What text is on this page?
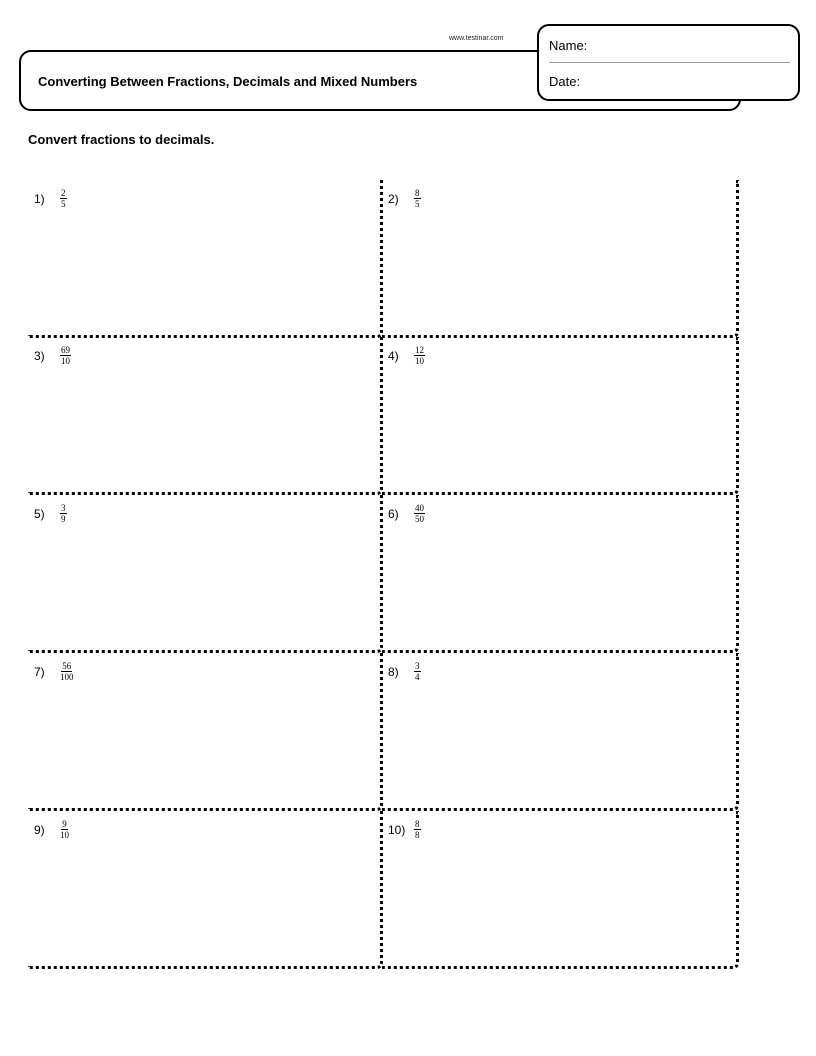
www.testinar.com
Converting Between Fractions, Decimals and Mixed Numbers
Name:
Date:
Convert fractions to decimals.
$1) \frac{2}{5}$	$2) \frac{8}{5}$
$3) \frac{69}{10}$	$4) \frac{12}{10}$
$5) \frac{3}{9}$	$6) \frac{40}{50}$
$7) \frac{56}{100}$	$8) \frac{3}{4}$
$9) \frac{9}{10}$	$10) \frac{8}{8}$
